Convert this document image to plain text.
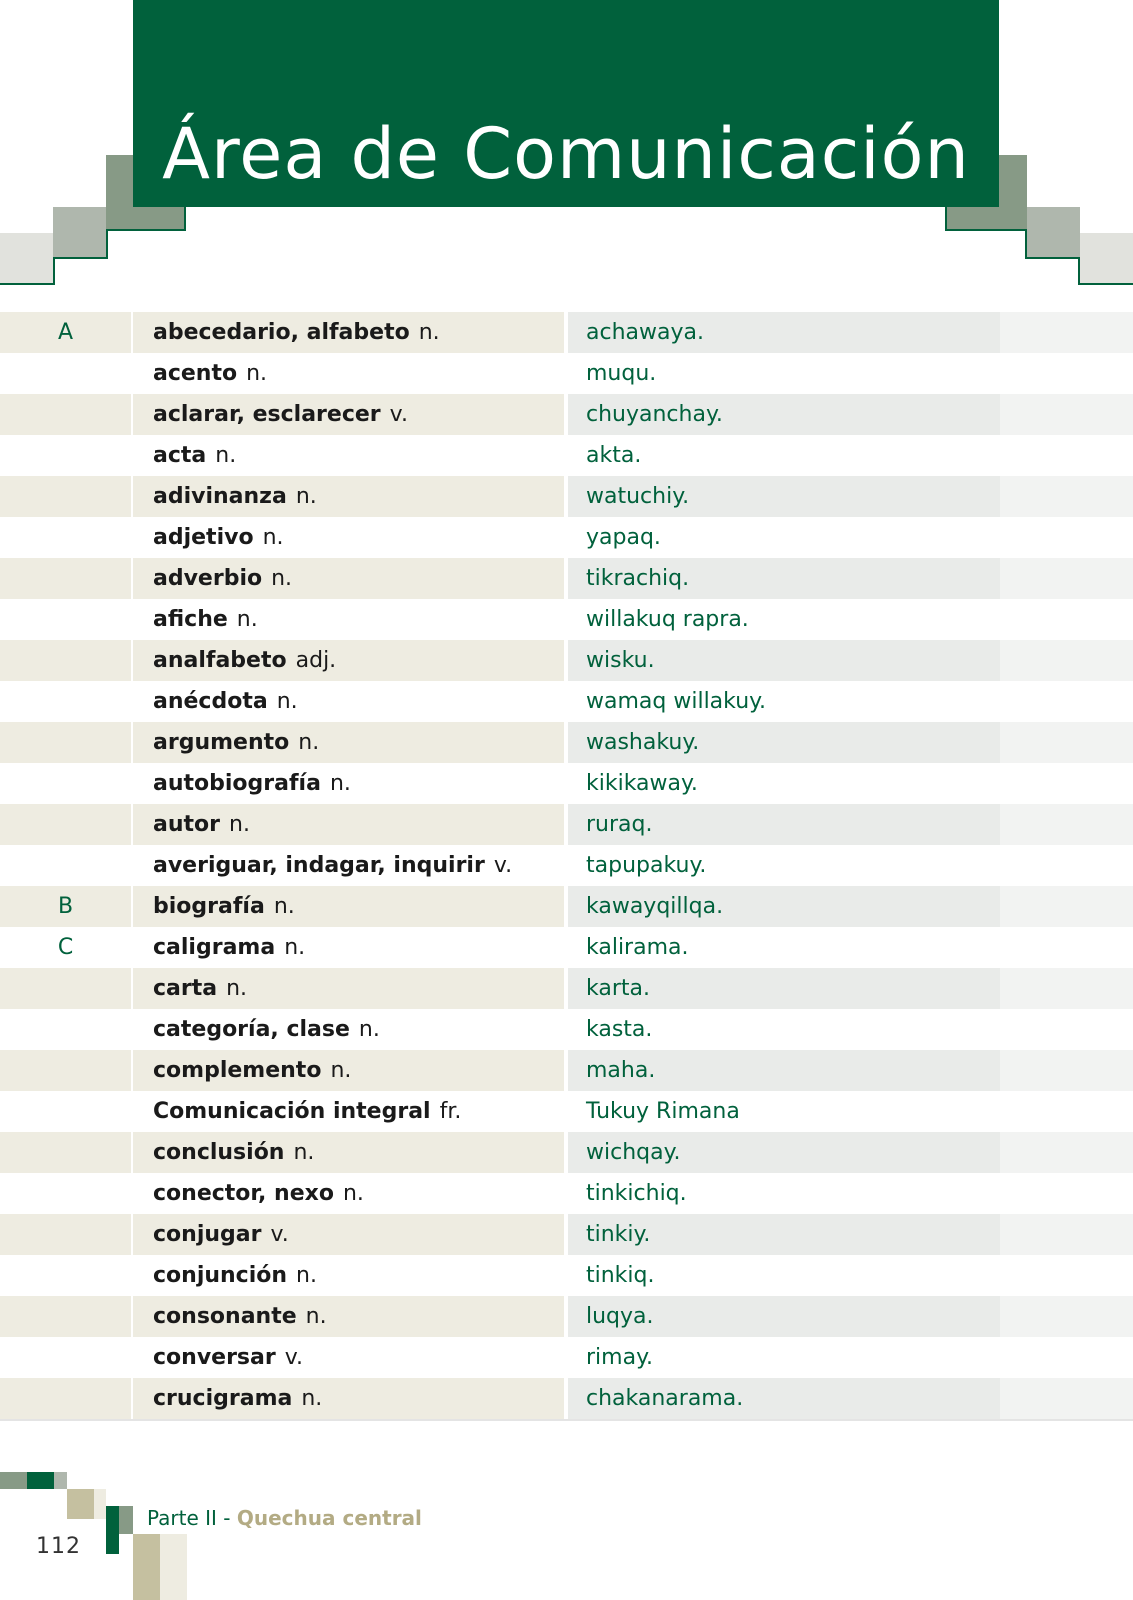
Área de Comunicación
A	abecedario, alfabeto n.	achawaya.
acento n.	muqu.
aclarar, esclarecer v.	chuyanchay.
acta n.	akta.
adivinanza n.	watuchiy.
adjetivo n.	yapaq.
adverbio n.	tikrachiq.
afiche n.	willakuq rapra.
analfabeto adj.	wisku.
anécdota n.	wamaq willakuy.
argumento n.	washakuy.
autobiografía n.	kikikaway.
autor n.	ruraq.
averiguar, indagar, inquirir v.	tapupakuy.
B	biografía n.	kawayqillqa.
C	caligrama n.	kalirama.
carta n.	karta.
categoría, clase n.	kasta.
complemento n.	maha.
Comunicación integral fr.	Tukuy Rimana
conclusión n.	wichqay.
conector, nexo n.	tinkichiq.
conjugar v.	tinkiy.
conjunción n.	tinkiq.
consonante n.	luqya.
conversar v.	rimay.
crucigrama n.	chakanarama.
Parte II - Quechua central
112
